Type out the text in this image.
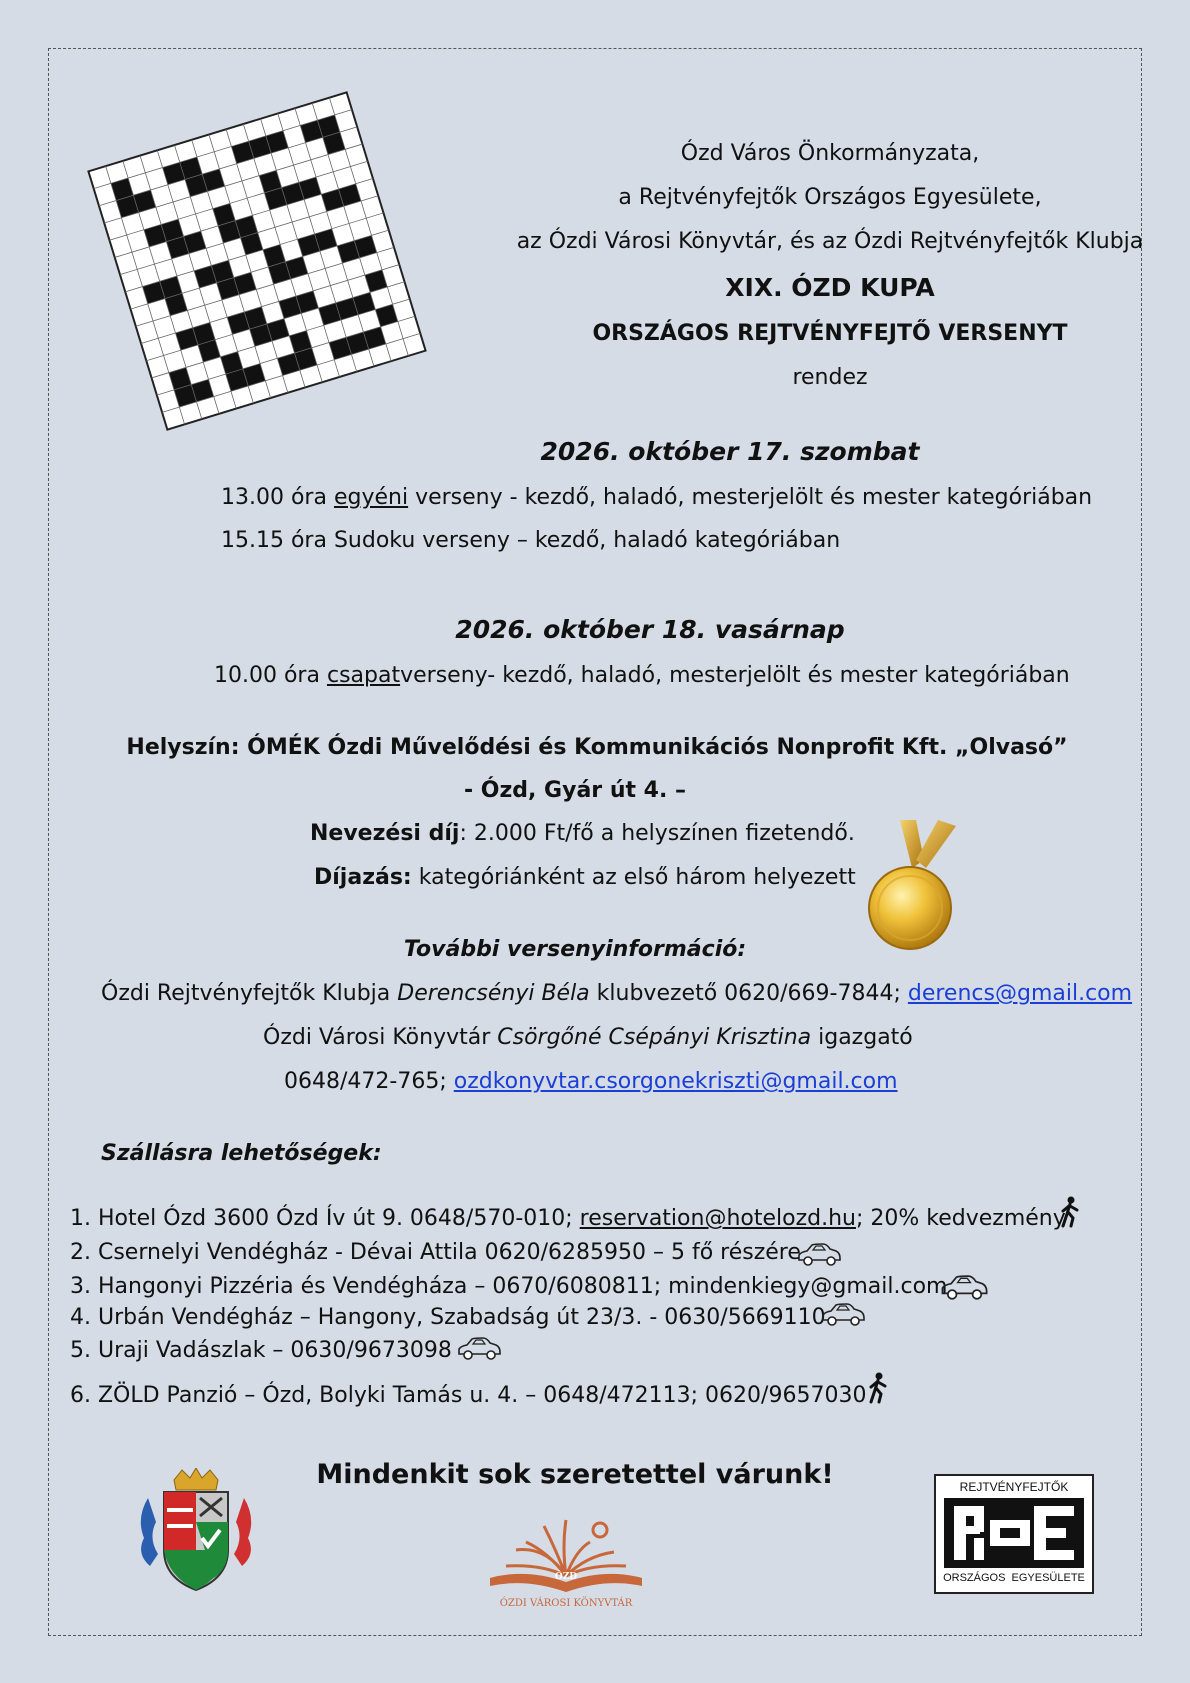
Ózd Város Önkormányzata,
a Rejtvényfejtők Országos Egyesülete,
az Ózdi Városi Könyvtár, és az Ózdi Rejtvényfejtők Klubja
XIX. ÓZD KUPA
ORSZÁGOS REJTVÉNYFEJTŐ VERSENYT
rendez
2026. október 17. szombat
13.00 óra egyéni verseny - kezdő, haladó, mesterjelölt és mester kategóriában
15.15 óra Sudoku verseny – kezdő, haladó kategóriában
2026. október 18. vasárnap
10.00 óra csapatverseny- kezdő, haladó, mesterjelölt és mester kategóriában
Helyszín: ÓMÉK Ózdi Művelődési és Kommunikációs Nonprofit Kft. „Olvasó”
- Ózd, Gyár út 4. –
Nevezési díj: 2.000 Ft/fő a helyszínen fizetendő.
Díjazás: kategóriánként az első három helyezett
További versenyinformáció:
Ózdi Rejtvényfejtők Klubja Derencsényi Béla klubvezető 0620/669-7844; derencs@gmail.com
Ózdi Városi Könyvtár Csörgőné Csépányi Krisztina igazgató
0648/472-765; ozdkonyvtar.csorgonekriszti@gmail.com
Szállásra lehetőségek:
1. Hotel Ózd 3600 Ózd Ív út 9. 0648/570-010; reservation@hotelozd.hu; 20% kedvezmény
2. Csernelyi Vendégház - Dévai Attila 0620/6285950 – 5 fő részére
3. Hangonyi Pizzéria és Vendégháza – 0670/6080811; mindenkiegy@gmail.com
4. Urbán Vendégház – Hangony, Szabadság út 23/3. - 0630/5669110
5. Uraji Vadászlak – 0630/9673098
6. ZÖLD Panzió – Ózd, Bolyki Tamás u. 4. – 0648/472113; 0620/9657030
Mindenkit sok szeretettel várunk!
ÓZD
ÓZDI VÁROSI KÖNYVTÁR
REJTVÉNYFEJTŐK
ORSZÁGOS  EGYESÜLETE
